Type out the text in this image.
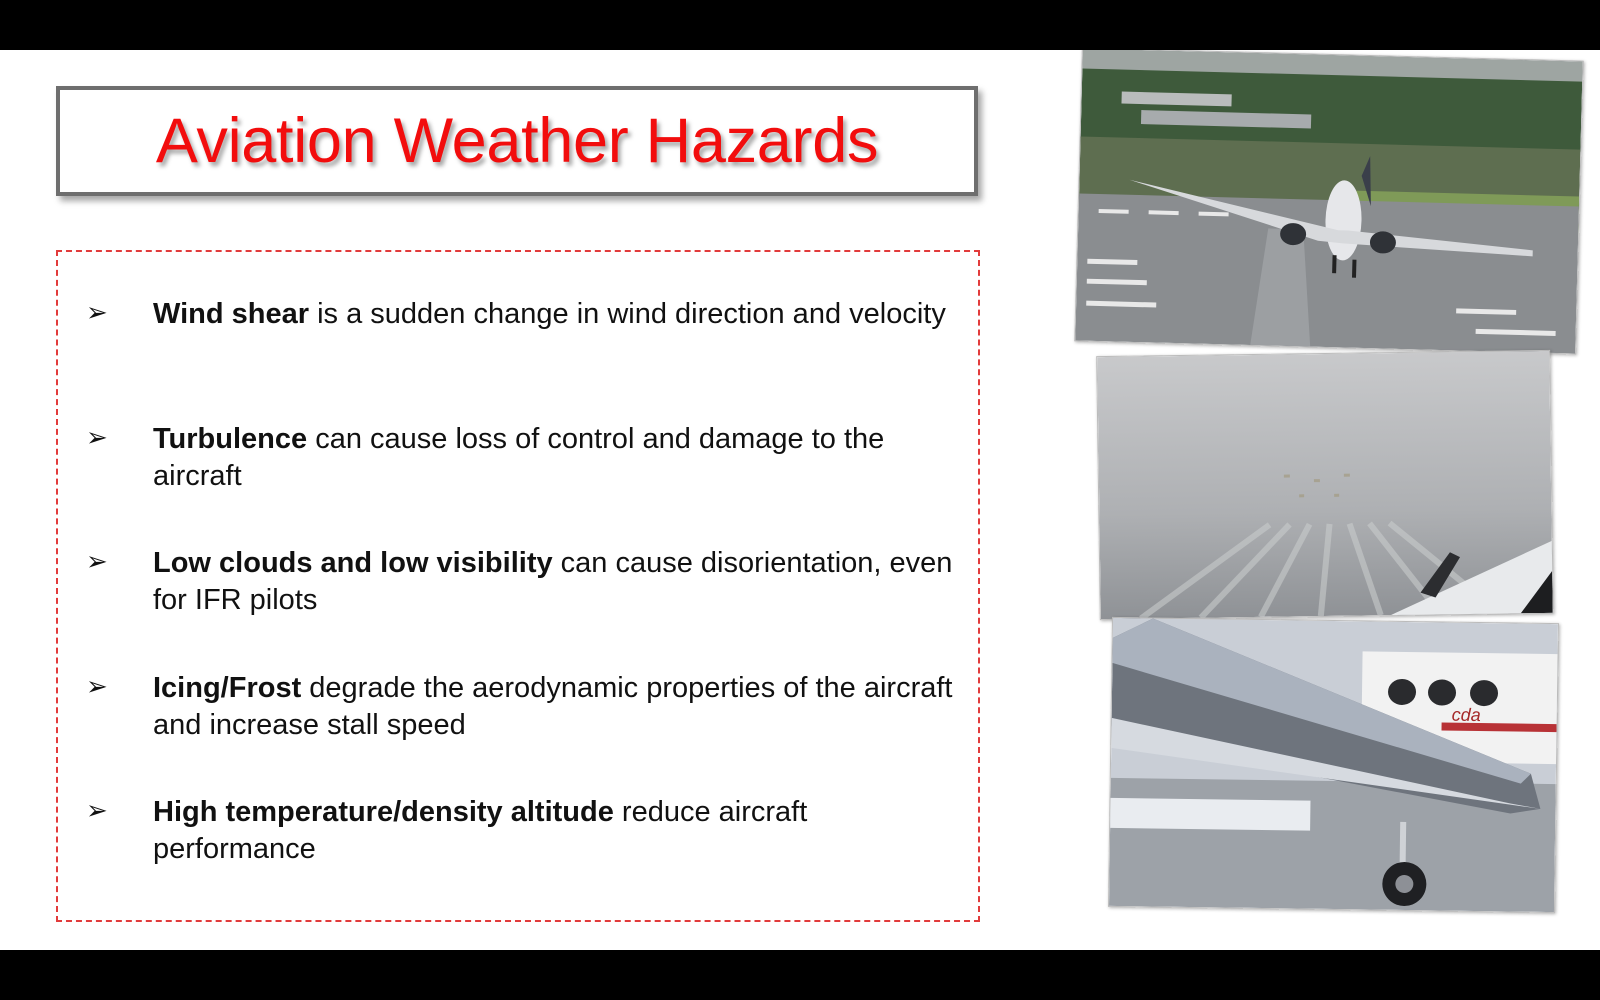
Aviation Weather Hazards
➢ Wind shear is a sudden change in wind direction and velocity
➢ Turbulence can cause loss of control and damage to the aircraft
➢ Low clouds and low visibility can cause disorientation, even for IFR pilots
➢ Icing/Frost degrade the aerodynamic properties of the aircraft and increase stall speed
➢ High temperature/density altitude reduce aircraft performance
cda
